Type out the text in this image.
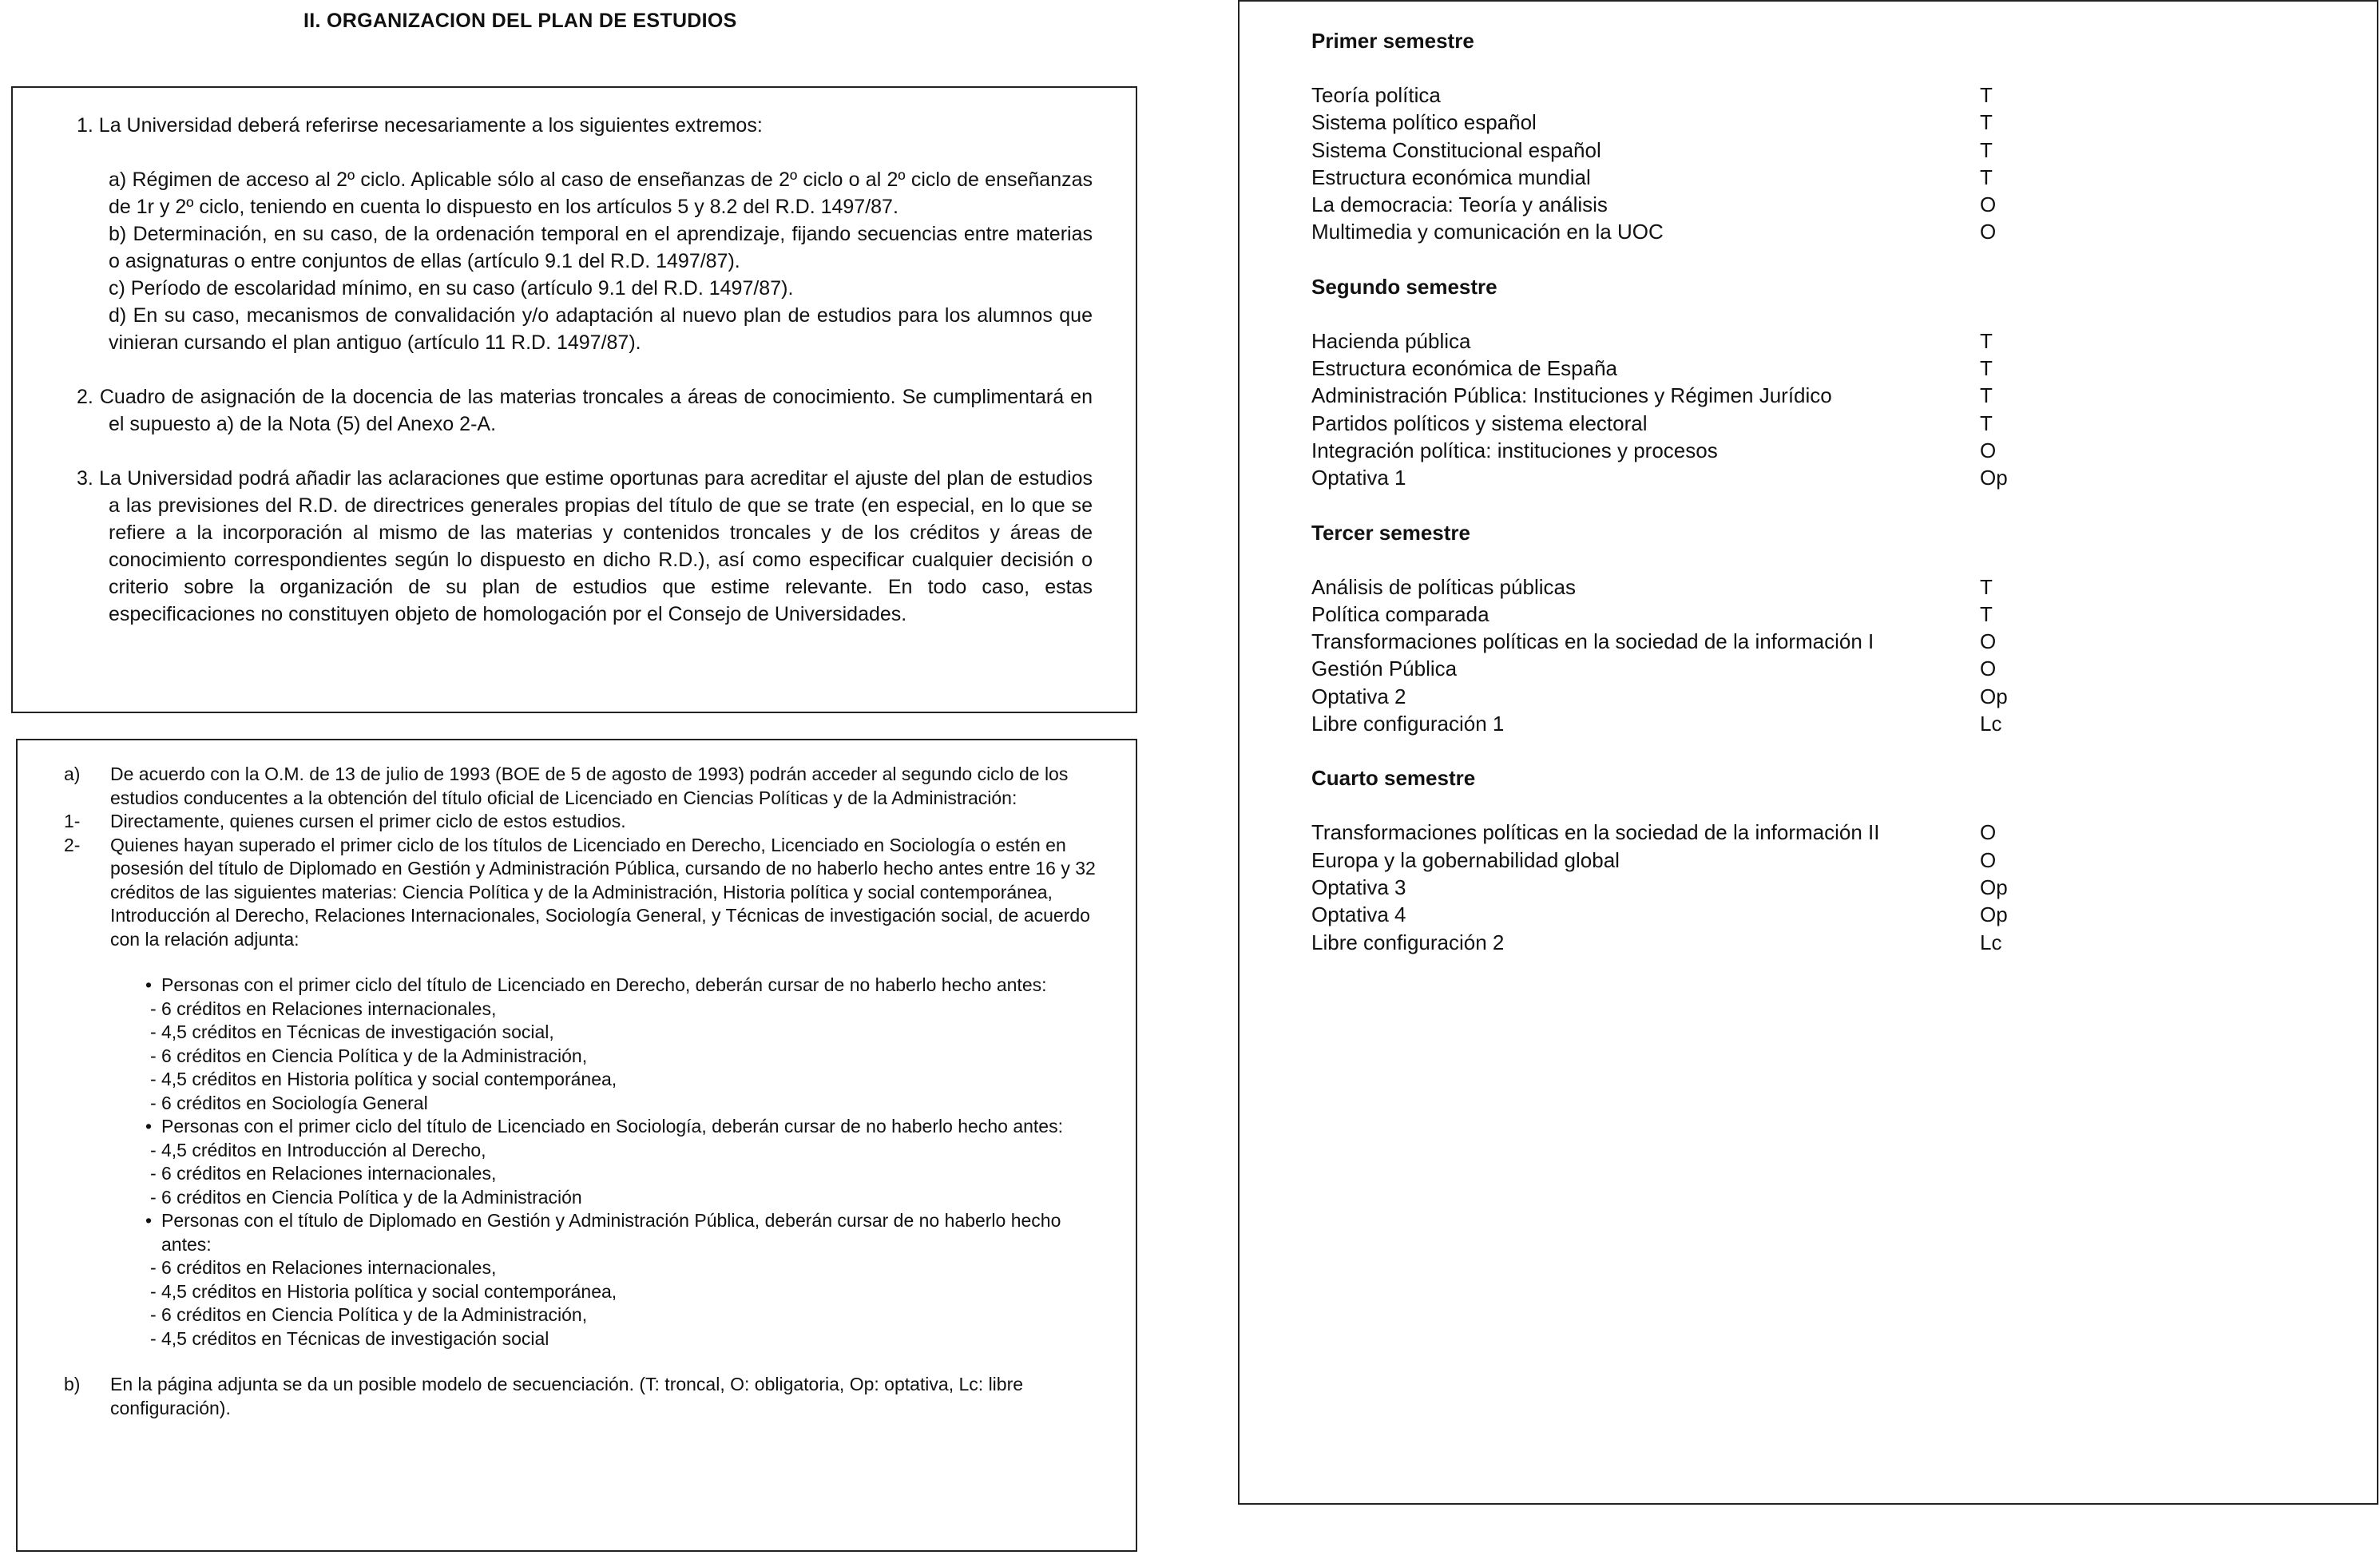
II. ORGANIZACION DEL PLAN DE ESTUDIOS

1. La Universidad deberá referirse necesariamente a los siguientes extremos:

a) Régimen de acceso al 2º ciclo. Aplicable sólo al caso de enseñanzas de 2º ciclo o al 2º ciclo de enseñanzas de 1r y 2º ciclo, teniendo en cuenta lo dispuesto en los artículos 5 y 8.2 del R.D. 1497/87.

b) Determinación, en su caso, de la ordenación temporal en el aprendizaje, fijando secuencias entre materias o asignaturas o entre conjuntos de ellas (artículo 9.1 del R.D. 1497/87).

c) Período de escolaridad mínimo, en su caso (artículo 9.1 del R.D. 1497/87).

d) En su caso, mecanismos de convalidación y/o adaptación al nuevo plan de estudios para los alumnos que vinieran cursando el plan antiguo (artículo 11 R.D. 1497/87).

2. Cuadro de asignación de la docencia de las materias troncales a áreas de conocimiento. Se cumplimentará en el supuesto a) de la Nota (5) del Anexo 2-A.

3. La Universidad podrá añadir las aclaraciones que estime oportunas para acreditar el ajuste del plan de estudios a las previsiones del R.D. de directrices generales propias del título de que se trate (en especial, en lo que se refiere a la incorporación al mismo de las materias y contenidos troncales y de los créditos y áreas de conocimiento correspondientes según lo dispuesto en dicho R.D.), así como especificar cualquier decisión o criterio sobre la organización de su plan de estudios que estime relevante. En todo caso, estas especificaciones no constituyen objeto de homologación por el Consejo de Universidades.

a)	De acuerdo con la O.M. de 13 de julio de 1993 (BOE de 5 de agosto de 1993) podrán acceder al segundo ciclo de los estudios conducentes a la obtención del título oficial de Licenciado en Ciencias Políticas y de la Administración:
1-	Directamente, quienes cursen el primer ciclo de estos estudios.
2-	Quienes hayan superado el primer ciclo de los títulos de Licenciado en Derecho, Licenciado en Sociología o estén en posesión del título de Diplomado en Gestión y Administración Pública, cursando de no haberlo hecho antes entre 16 y 32 créditos de las siguientes materias: Ciencia Política y de la Administración, Historia política y social contemporánea, Introducción al Derecho, Relaciones Internacionales, Sociología General, y Técnicas de investigación social, de acuerdo con la relación adjunta:
• Personas con el primer ciclo del título de Licenciado en Derecho, deberán cursar de no haberlo hecho antes:
- 6 créditos en Relaciones internacionales,
- 4,5 créditos en Técnicas de investigación social,
- 6 créditos en Ciencia Política y de la Administración,
- 4,5 créditos en Historia política y social contemporánea,
- 6 créditos en Sociología General
• Personas con el primer ciclo del título de Licenciado en Sociología, deberán cursar de no haberlo hecho antes:
- 4,5 créditos en Introducción al Derecho,
- 6 créditos en Relaciones internacionales,
- 6 créditos en Ciencia Política y de la Administración
• Personas con el título de Diplomado en Gestión y Administración Pública, deberán cursar de no haberlo hecho antes:
- 6 créditos en Relaciones internacionales,
- 4,5 créditos en Historia política y social contemporánea,
- 6 créditos en Ciencia Política y de la Administración,
- 4,5 créditos en Técnicas de investigación social
b)	En la página adjunta se da un posible modelo de secuenciación. (T: troncal, O: obligatoria, Op: optativa, Lc: libre configuración).
Primer semestre
Teoría política	T
Sistema político español	T
Sistema Constitucional español	T
Estructura económica mundial	T
La democracia: Teoría y análisis	O
Multimedia y comunicación en la UOC	O
Segundo semestre
Hacienda pública	T
Estructura económica de España	T
Administración Pública: Instituciones y Régimen Jurídico	T
Partidos políticos y sistema electoral	T
Integración política: instituciones y procesos	O
Optativa 1	Op
Tercer semestre
Análisis de políticas públicas	T
Política comparada	T
Transformaciones políticas en la sociedad de la información I	O
Gestión Pública	O
Optativa 2	Op
Libre configuración 1	Lc
Cuarto semestre
Transformaciones políticas en la sociedad de la información II	O
Europa y la gobernabilidad global	O
Optativa 3	Op
Optativa 4	Op
Libre configuración 2	Lc
